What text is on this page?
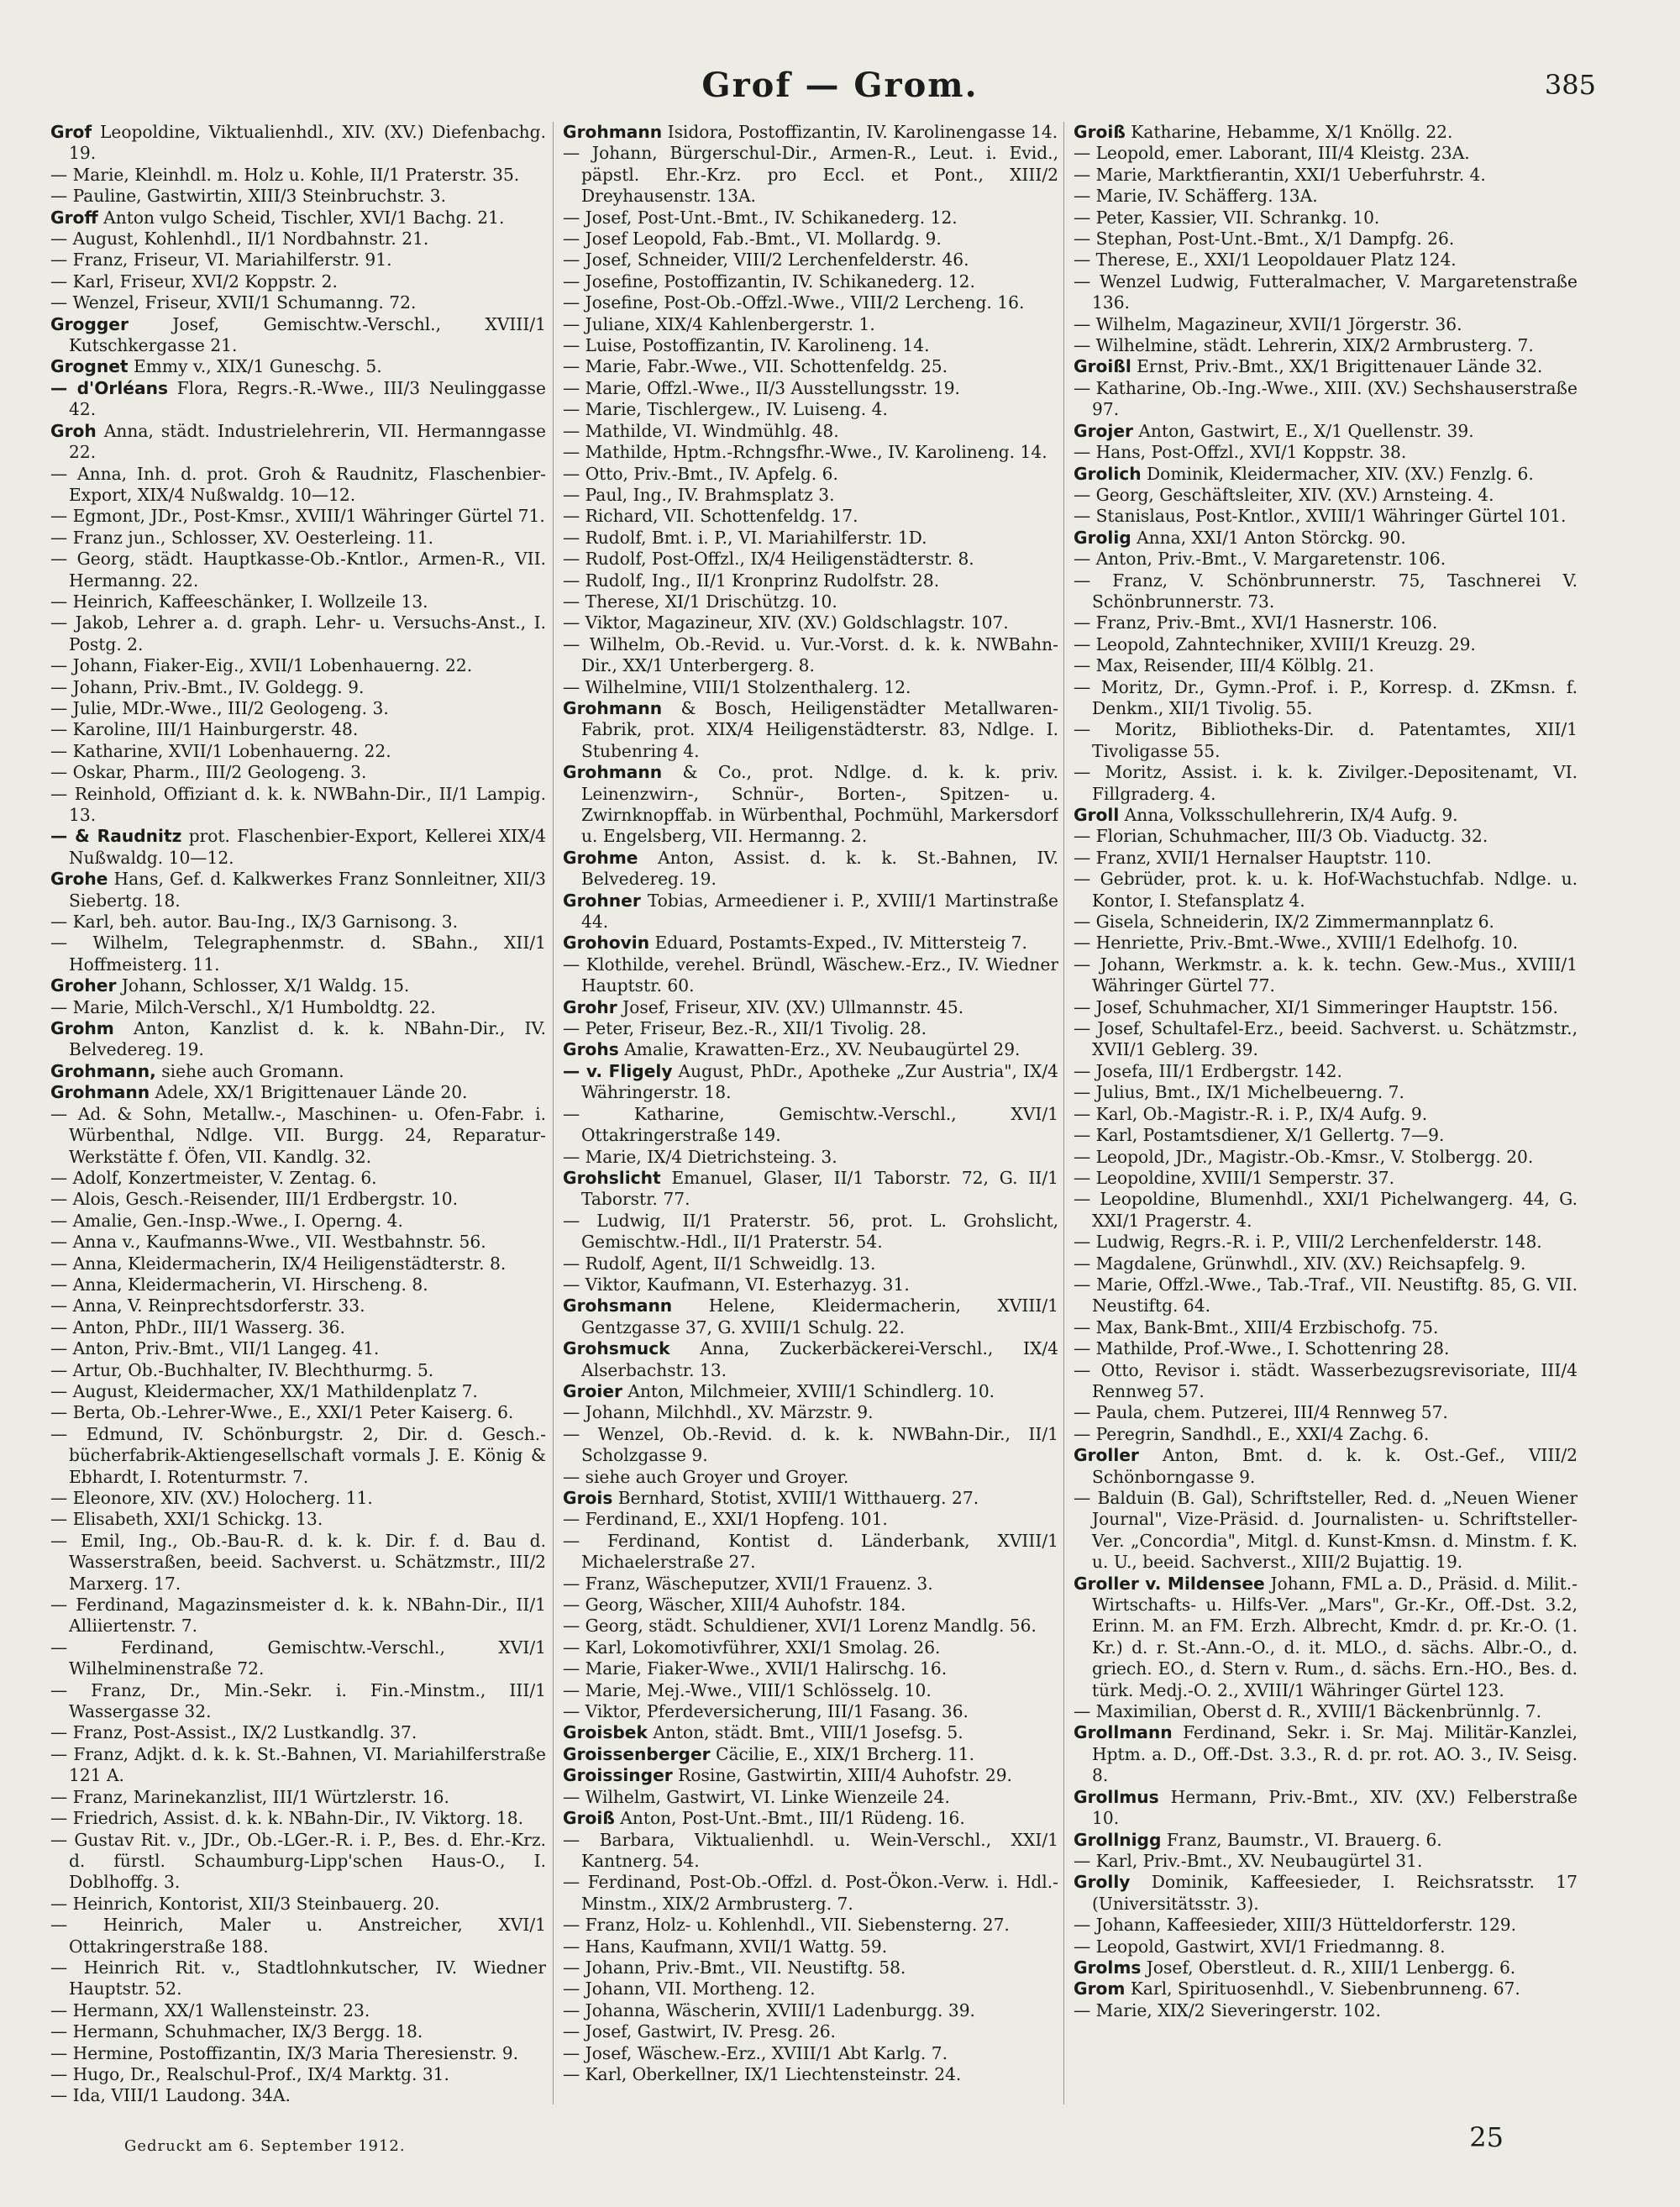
Grof — Grom.	385

Grof Leopoldine, Viktualienhdl., XIV. (XV.) Diefenbachg. 19.

— Marie, Kleinhdl. m. Holz u. Kohle, II/1 Praterstr. 35.

— Pauline, Gastwirtin, XIII/3 Steinbruchstr. 3.

Groff Anton vulgo Scheid, Tischler, XVI/1 Bachg. 21.

— August, Kohlenhdl., II/1 Nordbahnstr. 21.

— Franz, Friseur, VI. Mariahilferstr. 91.

— Karl, Friseur, XVI/2 Koppstr. 2.

— Wenzel, Friseur, XVII/1 Schumanng. 72.

Grogger Josef, Gemischtw.-Verschl., XVIII/1 Kutschkergasse 21.

Grognet Emmy v., XIX/1 Guneschg. 5.

— d'Orléans Flora, Regrs.-R.-Wwe., III/3 Neulinggasse 42.

Groh Anna, städt. Industrielehrerin, VII. Hermanngasse 22.

— Anna, Inh. d. prot. Groh & Raudnitz, Flaschenbier-Export, XIX/4 Nußwaldg. 10—12.

— Egmont, JDr., Post-Kmsr., XVIII/1 Währinger Gürtel 71.

— Franz jun., Schlosser, XV. Oesterleing. 11.

— Georg, städt. Hauptkasse-Ob.-Kntlor., Armen-R., VII. Hermanng. 22.

— Heinrich, Kaffeeschänker, I. Wollzeile 13.

— Jakob, Lehrer a. d. graph. Lehr- u. Versuchs-Anst., I. Postg. 2.

— Johann, Fiaker-Eig., XVII/1 Lobenhauerng. 22.

— Johann, Priv.-Bmt., IV. Goldegg. 9.

— Julie, MDr.-Wwe., III/2 Geologeng. 3.

— Karoline, III/1 Hainburgerstr. 48.

— Katharine, XVII/1 Lobenhauerng. 22.

— Oskar, Pharm., III/2 Geologeng. 3.

— Reinhold, Offiziant d. k. k. NWBahn-Dir., II/1 Lampig. 13.

— & Raudnitz prot. Flaschenbier-Export, Kellerei XIX/4 Nußwaldg. 10—12.

Grohe Hans, Gef. d. Kalkwerkes Franz Sonnleitner, XII/3 Siebertg. 18.

— Karl, beh. autor. Bau-Ing., IX/3 Garnisong. 3.

— Wilhelm, Telegraphenmstr. d. SBahn., XII/1 Hoffmeisterg. 11.

Groher Johann, Schlosser, X/1 Waldg. 15.

— Marie, Milch-Verschl., X/1 Humboldtg. 22.

Grohm Anton, Kanzlist d. k. k. NBahn-Dir., IV. Belvedereg. 19.

Grohmann, siehe auch Gromann.

Grohmann Adele, XX/1 Brigittenauer Lände 20.

— Ad. & Sohn, Metallw.-, Maschinen- u. Ofen-Fabr. i. Würbenthal, Ndlge. VII. Burgg. 24, Reparatur-Werkstätte f. Öfen, VII. Kandlg. 32.

— Adolf, Konzertmeister, V. Zentag. 6.

— Alois, Gesch.-Reisender, III/1 Erdbergstr. 10.

— Amalie, Gen.-Insp.-Wwe., I. Operng. 4.

— Anna v., Kaufmanns-Wwe., VII. Westbahnstr. 56.

— Anna, Kleidermacherin, IX/4 Heiligenstädterstr. 8.

— Anna, Kleidermacherin, VI. Hirscheng. 8.

— Anna, V. Reinprechtsdorferstr. 33.

— Anton, PhDr., III/1 Wasserg. 36.

— Anton, Priv.-Bmt., VII/1 Langeg. 41.

— Artur, Ob.-Buchhalter, IV. Blechthurmg. 5.

— August, Kleidermacher, XX/1 Mathildenplatz 7.

— Berta, Ob.-Lehrer-Wwe., E., XXI/1 Peter Kaiserg. 6.

— Edmund, IV. Schönburgstr. 2, Dir. d. Gesch.-bücherfabrik-Aktiengesellschaft vormals J. E. König & Ebhardt, I. Rotenturmstr. 7.

— Eleonore, XIV. (XV.) Holocherg. 11.

— Elisabeth, XXI/1 Schickg. 13.

— Emil, Ing., Ob.-Bau-R. d. k. k. Dir. f. d. Bau d. Wasserstraßen, beeid. Sachverst. u. Schätzmstr., III/2 Marxerg. 17.

— Ferdinand, Magazinsmeister d. k. k. NBahn-Dir., II/1 Alliiertenstr. 7.

— Ferdinand, Gemischtw.-Verschl., XVI/1 Wilhelminenstraße 72.

— Franz, Dr., Min.-Sekr. i. Fin.-Minstm., III/1 Wassergasse 32.

— Franz, Post-Assist., IX/2 Lustkandlg. 37.

— Franz, Adjkt. d. k. k. St.-Bahnen, VI. Mariahilferstraße 121 A.

— Franz, Marinekanzlist, III/1 Würtzlerstr. 16.

— Friedrich, Assist. d. k. k. NBahn-Dir., IV. Viktorg. 18.

— Gustav Rit. v., JDr., Ob.-LGer.-R. i. P., Bes. d. Ehr.-Krz. d. fürstl. Schaumburg-Lipp'schen Haus-O., I. Doblhoffg. 3.

— Heinrich, Kontorist, XII/3 Steinbauerg. 20.

— Heinrich, Maler u. Anstreicher, XVI/1 Ottakringerstraße 188.

— Heinrich Rit. v., Stadtlohnkutscher, IV. Wiedner Hauptstr. 52.

— Hermann, XX/1 Wallensteinstr. 23.

— Hermann, Schuhmacher, IX/3 Bergg. 18.

— Hermine, Postoffizantin, IX/3 Maria Theresienstr. 9.

— Hugo, Dr., Realschul-Prof., IX/4 Marktg. 31.

— Ida, VIII/1 Laudong. 34A.

Grohmann Isidora, Postoffizantin, IV. Karolinengasse 14.

— Johann, Bürgerschul-Dir., Armen-R., Leut. i. Evid., päpstl. Ehr.-Krz. pro Eccl. et Pont., XIII/2 Dreyhausenstr. 13A.

— Josef, Post-Unt.-Bmt., IV. Schikanederg. 12.

— Josef Leopold, Fab.-Bmt., VI. Mollardg. 9.

— Josef, Schneider, VIII/2 Lerchenfelderstr. 46.

— Josefine, Postoffizantin, IV. Schikanederg. 12.

— Josefine, Post-Ob.-Offzl.-Wwe., VIII/2 Lercheng. 16.

— Juliane, XIX/4 Kahlenbergerstr. 1.

— Luise, Postoffizantin, IV. Karolineng. 14.

— Marie, Fabr.-Wwe., VII. Schottenfeldg. 25.

— Marie, Offzl.-Wwe., II/3 Ausstellungsstr. 19.

— Marie, Tischlergew., IV. Luiseng. 4.

— Mathilde, VI. Windmühlg. 48.

— Mathilde, Hptm.-Rchngsfhr.-Wwe., IV. Karolineng. 14.

— Otto, Priv.-Bmt., IV. Apfelg. 6.

— Paul, Ing., IV. Brahmsplatz 3.

— Richard, VII. Schottenfeldg. 17.

— Rudolf, Bmt. i. P., VI. Mariahilferstr. 1D.

— Rudolf, Post-Offzl., IX/4 Heiligenstädterstr. 8.

— Rudolf, Ing., II/1 Kronprinz Rudolfstr. 28.

— Therese, XI/1 Drischützg. 10.

— Viktor, Magazineur, XIV. (XV.) Goldschlagstr. 107.

— Wilhelm, Ob.-Revid. u. Vur.-Vorst. d. k. k. NWBahn-Dir., XX/1 Unterbergerg. 8.

— Wilhelmine, VIII/1 Stolzenthalerg. 12.

Grohmann & Bosch, Heiligenstädter Metallwaren-Fabrik, prot. XIX/4 Heiligenstädterstr. 83, Ndlge. I. Stubenring 4.

Grohmann & Co., prot. Ndlge. d. k. k. priv. Leinenzwirn-, Schnür-, Borten-, Spitzen- u. Zwirnknopffab. in Würbenthal, Pochmühl, Markersdorf u. Engelsberg, VII. Hermanng. 2.

Grohme Anton, Assist. d. k. k. St.-Bahnen, IV. Belvedereg. 19.

Grohner Tobias, Armeediener i. P., XVIII/1 Martinstraße 44.

Grohovin Eduard, Postamts-Exped., IV. Mittersteig 7.

— Klothilde, verehel. Bründl, Wäschew.-Erz., IV. Wiedner Hauptstr. 60.

Grohr Josef, Friseur, XIV. (XV.) Ullmannstr. 45.

— Peter, Friseur, Bez.-R., XII/1 Tivolig. 28.

Grohs Amalie, Krawatten-Erz., XV. Neubaugürtel 29.

— v. Fligely August, PhDr., Apotheke „Zur Austria", IX/4 Währingerstr. 18.

— Katharine, Gemischtw.-Verschl., XVI/1 Ottakringerstraße 149.

— Marie, IX/4 Dietrichsteing. 3.

Grohslicht Emanuel, Glaser, II/1 Taborstr. 72, G. II/1 Taborstr. 77.

— Ludwig, II/1 Praterstr. 56, prot. L. Grohslicht, Gemischtw.-Hdl., II/1 Praterstr. 54.

— Rudolf, Agent, II/1 Schweidlg. 13.

— Viktor, Kaufmann, VI. Esterhazyg. 31.

Grohsmann Helene, Kleidermacherin, XVIII/1 Gentzgasse 37, G. XVIII/1 Schulg. 22.

Grohsmuck Anna, Zuckerbäckerei-Verschl., IX/4 Alserbachstr. 13.

Groier Anton, Milchmeier, XVIII/1 Schindlerg. 10.

— Johann, Milchhdl., XV. Märzstr. 9.

— Wenzel, Ob.-Revid. d. k. k. NWBahn-Dir., II/1 Scholzgasse 9.

— siehe auch Groyer und Groyer.

Grois Bernhard, Stotist, XVIII/1 Witthauerg. 27.

— Ferdinand, E., XXI/1 Hopfeng. 101.

— Ferdinand, Kontist d. Länderbank, XVIII/1 Michaelerstraße 27.

— Franz, Wäscheputzer, XVII/1 Frauenz. 3.

— Georg, Wäscher, XIII/4 Auhofstr. 184.

— Georg, städt. Schuldiener, XVI/1 Lorenz Mandlg. 56.

— Karl, Lokomotivführer, XXI/1 Smolag. 26.

— Marie, Fiaker-Wwe., XVII/1 Halirschg. 16.

— Marie, Mej.-Wwe., VIII/1 Schlösselg. 10.

— Viktor, Pferdeversicherung, III/1 Fasang. 36.

Groisbek Anton, städt. Bmt., VIII/1 Josefsg. 5.

Groissenberger Cäcilie, E., XIX/1 Brcherg. 11.

Groissinger Rosine, Gastwirtin, XIII/4 Auhofstr. 29.

— Wilhelm, Gastwirt, VI. Linke Wienzeile 24.

Groiß Anton, Post-Unt.-Bmt., III/1 Rüdeng. 16.

— Barbara, Viktualienhdl. u. Wein-Verschl., XXI/1 Kantnerg. 54.

— Ferdinand, Post-Ob.-Offzl. d. Post-Ökon.-Verw. i. Hdl.-Minstm., XIX/2 Armbrusterg. 7.

— Franz, Holz- u. Kohlenhdl., VII. Siebensterng. 27.

— Hans, Kaufmann, XVII/1 Wattg. 59.

— Johann, Priv.-Bmt., VII. Neustiftg. 58.

— Johann, VII. Mortheng. 12.

— Johanna, Wäscherin, XVIII/1 Ladenburgg. 39.

— Josef, Gastwirt, IV. Presg. 26.

— Josef, Wäschew.-Erz., XVIII/1 Abt Karlg. 7.

— Karl, Oberkellner, IX/1 Liechtensteinstr. 24.

Groiß Katharine, Hebamme, X/1 Knöllg. 22.

— Leopold, emer. Laborant, III/4 Kleistg. 23A.

— Marie, Marktfierantin, XXI/1 Ueberfuhrstr. 4.

— Marie, IV. Schäfferg. 13A.

— Peter, Kassier, VII. Schrankg. 10.

— Stephan, Post-Unt.-Bmt., X/1 Dampfg. 26.

— Therese, E., XXI/1 Leopoldauer Platz 124.

— Wenzel Ludwig, Futteralmacher, V. Margaretenstraße 136.

— Wilhelm, Magazineur, XVII/1 Jörgerstr. 36.

— Wilhelmine, städt. Lehrerin, XIX/2 Armbrusterg. 7.

Groißl Ernst, Priv.-Bmt., XX/1 Brigittenauer Lände 32.

— Katharine, Ob.-Ing.-Wwe., XIII. (XV.) Sechshauserstraße 97.

Grojer Anton, Gastwirt, E., X/1 Quellenstr. 39.

— Hans, Post-Offzl., XVI/1 Koppstr. 38.

Grolich Dominik, Kleidermacher, XIV. (XV.) Fenzlg. 6.

— Georg, Geschäftsleiter, XIV. (XV.) Arnsteing. 4.

— Stanislaus, Post-Kntlor., XVIII/1 Währinger Gürtel 101.

Grolig Anna, XXI/1 Anton Störckg. 90.

— Anton, Priv.-Bmt., V. Margaretenstr. 106.

— Franz, V. Schönbrunnerstr. 75, Taschnerei V. Schönbrunnerstr. 73.

— Franz, Priv.-Bmt., XVI/1 Hasnerstr. 106.

— Leopold, Zahntechniker, XVIII/1 Kreuzg. 29.

— Max, Reisender, III/4 Kölblg. 21.

— Moritz, Dr., Gymn.-Prof. i. P., Korresp. d. ZKmsn. f. Denkm., XII/1 Tivolig. 55.

— Moritz, Bibliotheks-Dir. d. Patentamtes, XII/1 Tivoligasse 55.

— Moritz, Assist. i. k. k. Zivilger.-Depositenamt, VI. Fillgraderg. 4.

Groll Anna, Volksschullehrerin, IX/4 Aufg. 9.

— Florian, Schuhmacher, III/3 Ob. Viaductg. 32.

— Franz, XVII/1 Hernalser Hauptstr. 110.

— Gebrüder, prot. k. u. k. Hof-Wachstuchfab. Ndlge. u. Kontor, I. Stefansplatz 4.

— Gisela, Schneiderin, IX/2 Zimmermannplatz 6.

— Henriette, Priv.-Bmt.-Wwe., XVIII/1 Edelhofg. 10.

— Johann, Werkmstr. a. k. k. techn. Gew.-Mus., XVIII/1 Währinger Gürtel 77.

— Josef, Schuhmacher, XI/1 Simmeringer Hauptstr. 156.

— Josef, Schultafel-Erz., beeid. Sachverst. u. Schätzmstr., XVII/1 Geblerg. 39.

— Josefa, III/1 Erdbergstr. 142.

— Julius, Bmt., IX/1 Michelbeuerng. 7.

— Karl, Ob.-Magistr.-R. i. P., IX/4 Aufg. 9.

— Karl, Postamtsdiener, X/1 Gellertg. 7—9.

— Leopold, JDr., Magistr.-Ob.-Kmsr., V. Stolbergg. 20.

— Leopoldine, XVIII/1 Semperstr. 37.

— Leopoldine, Blumenhdl., XXI/1 Pichelwangerg. 44, G. XXI/1 Pragerstr. 4.

— Ludwig, Regrs.-R. i. P., VIII/2 Lerchenfelderstr. 148.

— Magdalene, Grünwhdl., XIV. (XV.) Reichsapfelg. 9.

— Marie, Offzl.-Wwe., Tab.-Traf., VII. Neustiftg. 85, G. VII. Neustiftg. 64.

— Max, Bank-Bmt., XIII/4 Erzbischofg. 75.

— Mathilde, Prof.-Wwe., I. Schottenring 28.

— Otto, Revisor i. städt. Wasserbezugsrevisoriate, III/4 Rennweg 57.

— Paula, chem. Putzerei, III/4 Rennweg 57.

— Peregrin, Sandhdl., E., XXI/4 Zachg. 6.

Groller Anton, Bmt. d. k. k. Ost.-Gef., VIII/2 Schönborngasse 9.

— Balduin (B. Gal), Schriftsteller, Red. d. „Neuen Wiener Journal", Vize-Präsid. d. Journalisten- u. Schriftsteller-Ver. „Concordia", Mitgl. d. Kunst-Kmsn. d. Minstm. f. K. u. U., beeid. Sachverst., XIII/2 Bujattig. 19.

Groller v. Mildensee Johann, FML a. D., Präsid. d. Milit.-Wirtschafts- u. Hilfs-Ver. „Mars", Gr.-Kr., Off.-Dst. 3.2, Erinn. M. an FM. Erzh. Albrecht, Kmdr. d. pr. Kr.-O. (1. Kr.) d. r. St.-Ann.-O., d. it. MLO., d. sächs. Albr.-O., d. griech. EO., d. Stern v. Rum., d. sächs. Ern.-HO., Bes. d. türk. Medj.-O. 2., XVIII/1 Währinger Gürtel 123.

— Maximilian, Oberst d. R., XVIII/1 Bäckenbrünnlg. 7.

Grollmann Ferdinand, Sekr. i. Sr. Maj. Militär-Kanzlei, Hptm. a. D., Off.-Dst. 3.3., R. d. pr. rot. AO. 3., IV. Seisg. 8.

Grollmus Hermann, Priv.-Bmt., XIV. (XV.) Felberstraße 10.

Grollnigg Franz, Baumstr., VI. Brauerg. 6.

— Karl, Priv.-Bmt., XV. Neubaugürtel 31.

Grolly Dominik, Kaffeesieder, I. Reichsratsstr. 17 (Universitätsstr. 3).

— Johann, Kaffeesieder, XIII/3 Hütteldorferstr. 129.

— Leopold, Gastwirt, XVI/1 Friedmanng. 8.

Grolms Josef, Oberstleut. d. R., XIII/1 Lenbergg. 6.

Grom Karl, Spirituosenhdl., V. Siebenbrunneng. 67.

— Marie, XIX/2 Sieveringerstr. 102.

Gedruckt am 6. September 1912.	25
